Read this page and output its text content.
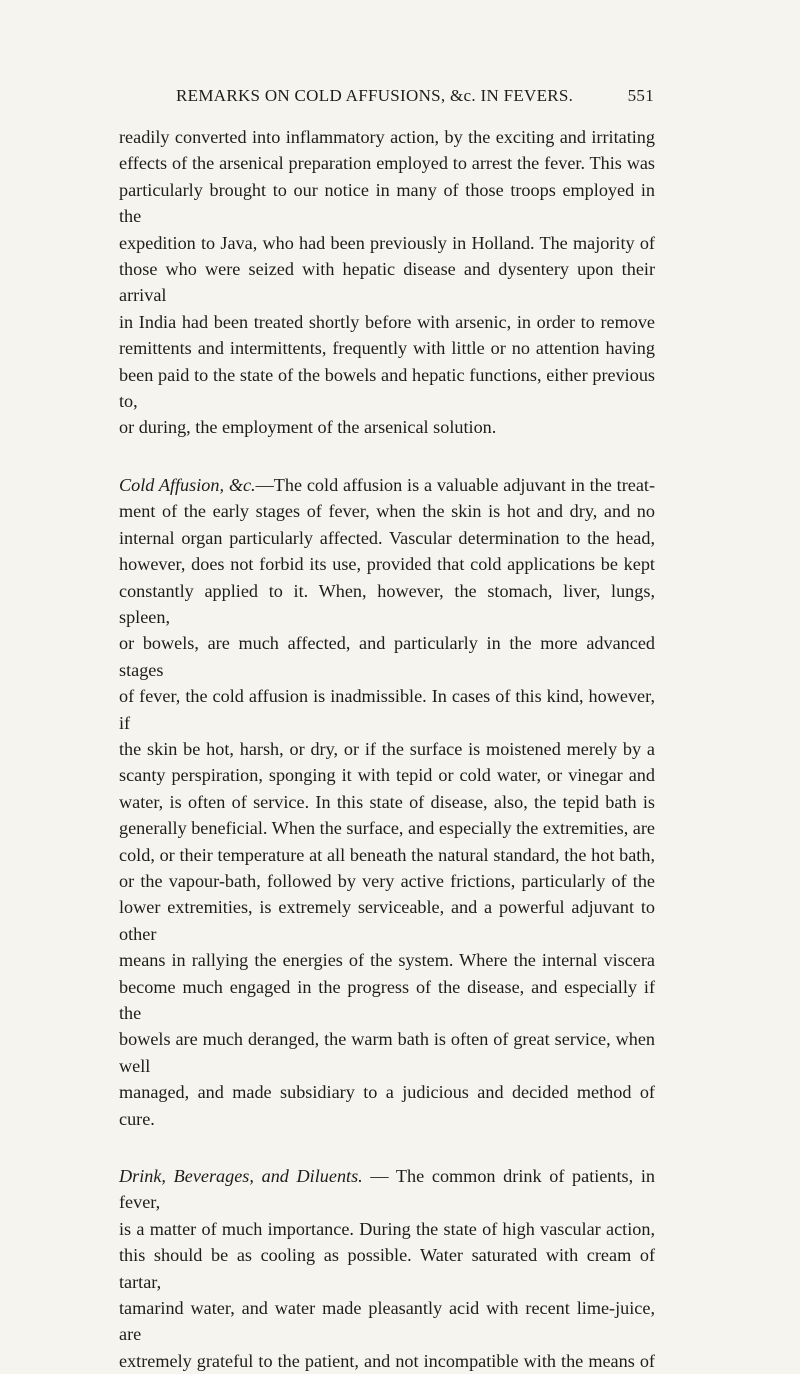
REMARKS ON COLD AFFUSIONS, &c. IN FEVERS.	551

readily converted into inflammatory action, by the exciting and irritating

effects of the arsenical preparation employed to arrest the fever. This was

particularly brought to our notice in many of those troops employed in the

expedition to Java, who had been previously in Holland. The majority of

those who were seized with hepatic disease and dysentery upon their arrival

in India had been treated shortly before with arsenic, in order to remove

remittents and intermittents, frequently with little or no attention having

been paid to the state of the bowels and hepatic functions, either previous to,

or during, the employment of the arsenical solution.

Cold Affusion, &c.—The cold affusion is a valuable adjuvant in the treat-

ment of the early stages of fever, when the skin is hot and dry, and no

internal organ particularly affected. Vascular determination to the head,

however, does not forbid its use, provided that cold applications be kept

constantly applied to it. When, however, the stomach, liver, lungs, spleen,

or bowels, are much affected, and particularly in the more advanced stages

of fever, the cold affusion is inadmissible. In cases of this kind, however, if

the skin be hot, harsh, or dry, or if the surface is moistened merely by a

scanty perspiration, sponging it with tepid or cold water, or vinegar and

water, is often of service. In this state of disease, also, the tepid bath is

generally beneficial. When the surface, and especially the extremities, are

cold, or their temperature at all beneath the natural standard, the hot bath,

or the vapour-bath, followed by very active frictions, particularly of the

lower extremities, is extremely serviceable, and a powerful adjuvant to other

means in rallying the energies of the system. Where the internal viscera

become much engaged in the progress of the disease, and especially if the

bowels are much deranged, the warm bath is often of great service, when well

managed, and made subsidiary to a judicious and decided method of cure.

Drink, Beverages, and Diluents. — The common drink of patients, in fever,

is a matter of much importance. During the state of high vascular action,

this should be as cooling as possible. Water saturated with cream of tartar,

tamarind water, and water made pleasantly acid with recent lime-juice, are

extremely grateful to the patient, and not incompatible with the means of
